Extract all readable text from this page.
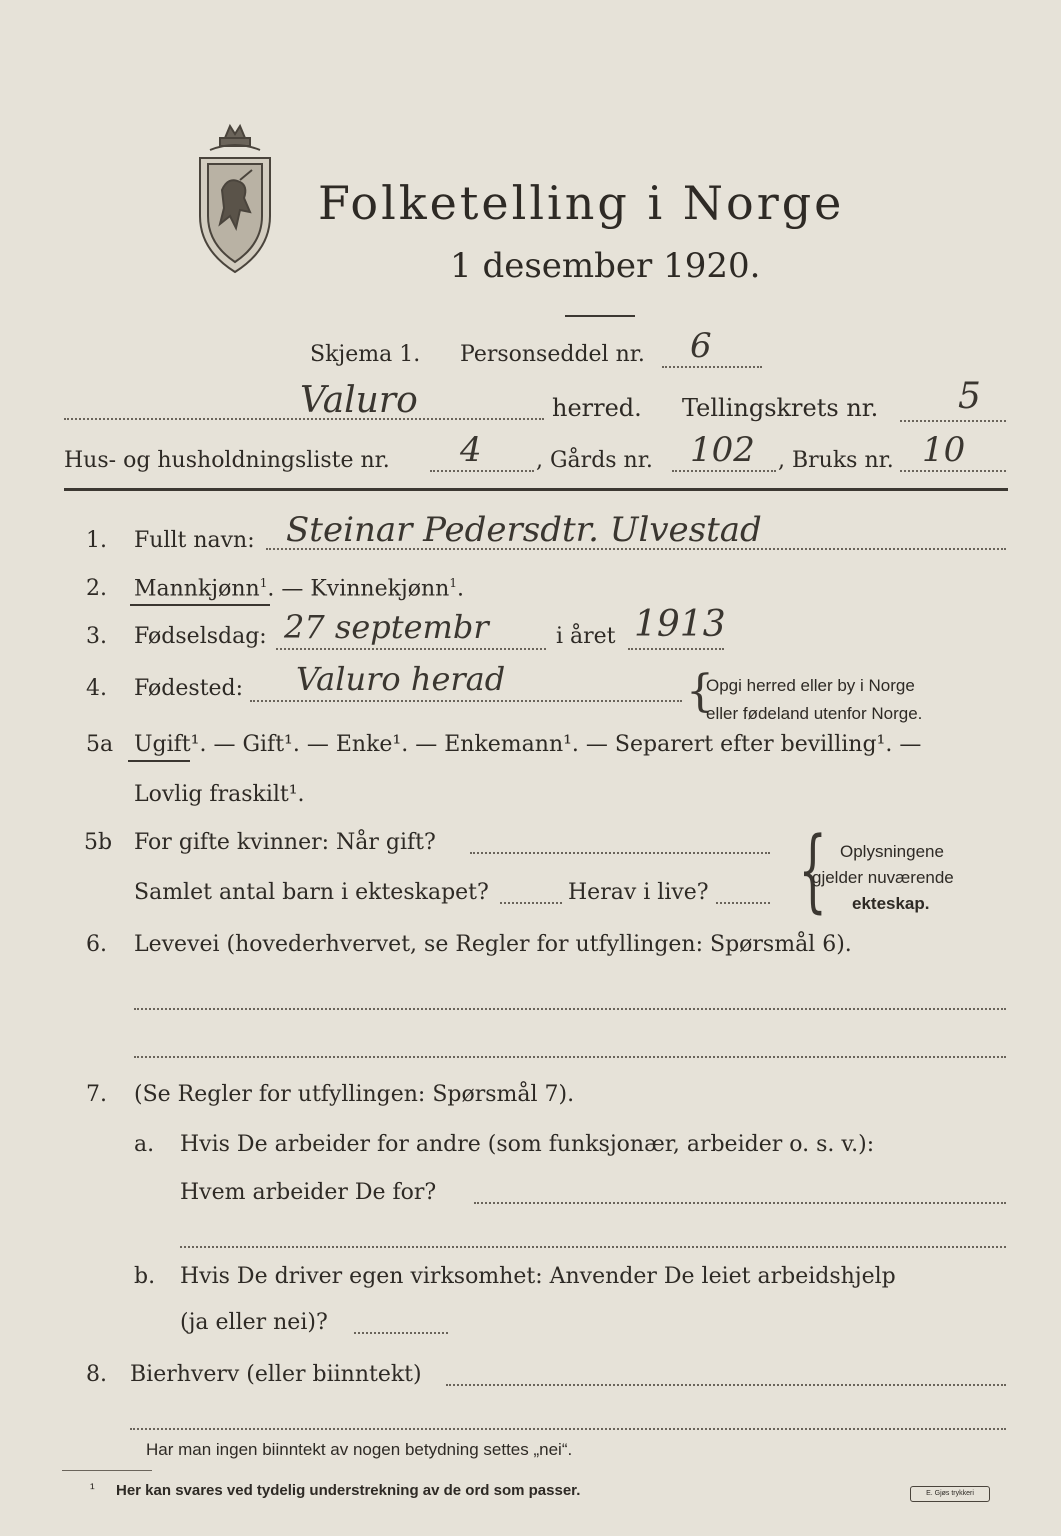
Folketelling i Norge
1 desember 1920.
Skjema 1. Personseddel nr. 6
Valuro	herred. Tellingskrets nr. 5
Hus- og husholdningsliste nr. 4 , Gårds nr. 102 , Bruks nr. 10
1. Fullt navn: Steinar Pedersdtr. Ulvestad
2. Mannkjønn$^1$. — Kvinnekjønn$^1$.
3. Fødselsdag: 27 septembr	i året 1913
4. Fødested: Valuro herad	{
Opgi herred eller by i Norge
eller fødeland utenfor Norge.
5a Ugift¹. — Gift¹. — Enke¹. — Enkemann¹. — Separert efter bevilling¹. —
Lovlig fraskilt¹.
5b For gifte kvinner: Når gift?
Samlet antal barn i ekteskapet?	Herav i live? { Oplysningene
gjelder nuværende
ekteskap.
6. Levevei (hovederhvervet, se Regler for utfyllingen: Spørsmål 6).
7. (Se Regler for utfyllingen: Spørsmål 7).
a. Hvis De arbeider for andre (som funksjonær, arbeider o. s. v.):
Hvem arbeider De for?
b. Hvis De driver egen virksomhet: Anvender De leiet arbeidshjelp
(ja eller nei)?
8. Bierhverv (eller biinntekt)
Har man ingen biinntekt av nogen betydning settes „nei“.
¹ Her kan svares ved tydelig understrekning av de ord som passer.	E. Gjøs trykkeri
